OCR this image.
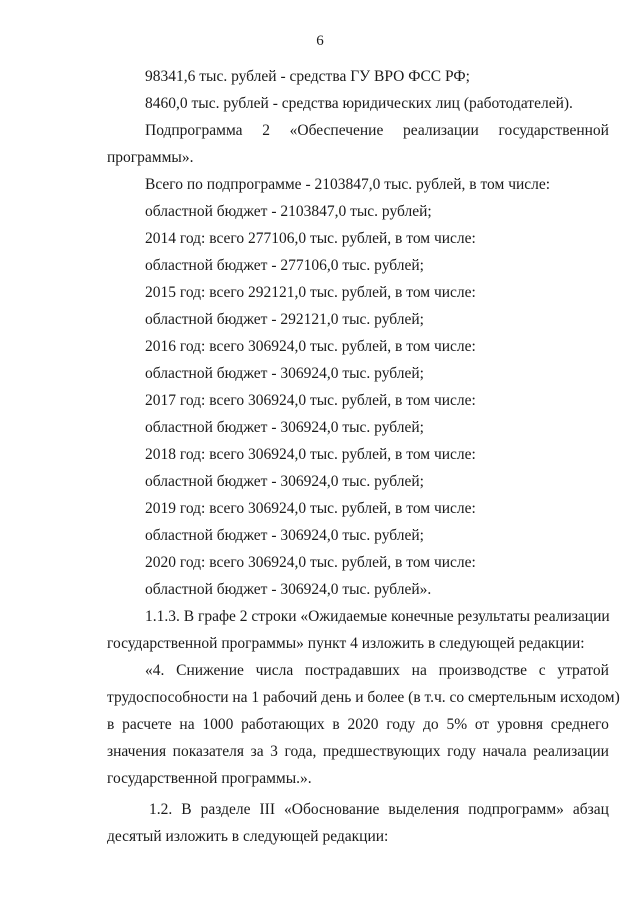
6
98341,6 тыс. рублей - средства ГУ ВРО ФСС РФ;
8460,0 тыс. рублей - средства юридических лиц (работодателей).
Подпрограмма 2 «Обеспечение реализации государственной
программы».
Всего по подпрограмме - 2103847,0 тыс. рублей, в том числе:
областной бюджет - 2103847,0 тыс. рублей;
2014 год: всего 277106,0 тыс. рублей, в том числе:
областной бюджет - 277106,0 тыс. рублей;
2015 год: всего 292121,0 тыс. рублей, в том числе:
областной бюджет - 292121,0 тыс. рублей;
2016 год: всего 306924,0 тыс. рублей, в том числе:
областной бюджет - 306924,0 тыс. рублей;
2017 год: всего 306924,0 тыс. рублей, в том числе:
областной бюджет - 306924,0 тыс. рублей;
2018 год: всего 306924,0 тыс. рублей, в том числе:
областной бюджет - 306924,0 тыс. рублей;
2019 год: всего 306924,0 тыс. рублей, в том числе:
областной бюджет - 306924,0 тыс. рублей;
2020 год: всего 306924,0 тыс. рублей, в том числе:
областной бюджет - 306924,0 тыс. рублей».
1.1.3. В графе 2 строки «Ожидаемые конечные результаты реализации
государственной программы» пункт 4 изложить в следующей редакции:
«4. Снижение числа пострадавших на производстве с утратой
трудоспособности на 1 рабочий день и более (в т.ч. со смертельным исходом)
в расчете на 1000 работающих в 2020 году до 5% от уровня среднего
значения показателя за 3 года, предшествующих году начала реализации
государственной программы.».
1.2. В разделе III «Обоснование выделения подпрограмм» абзац
десятый изложить в следующей редакции:
